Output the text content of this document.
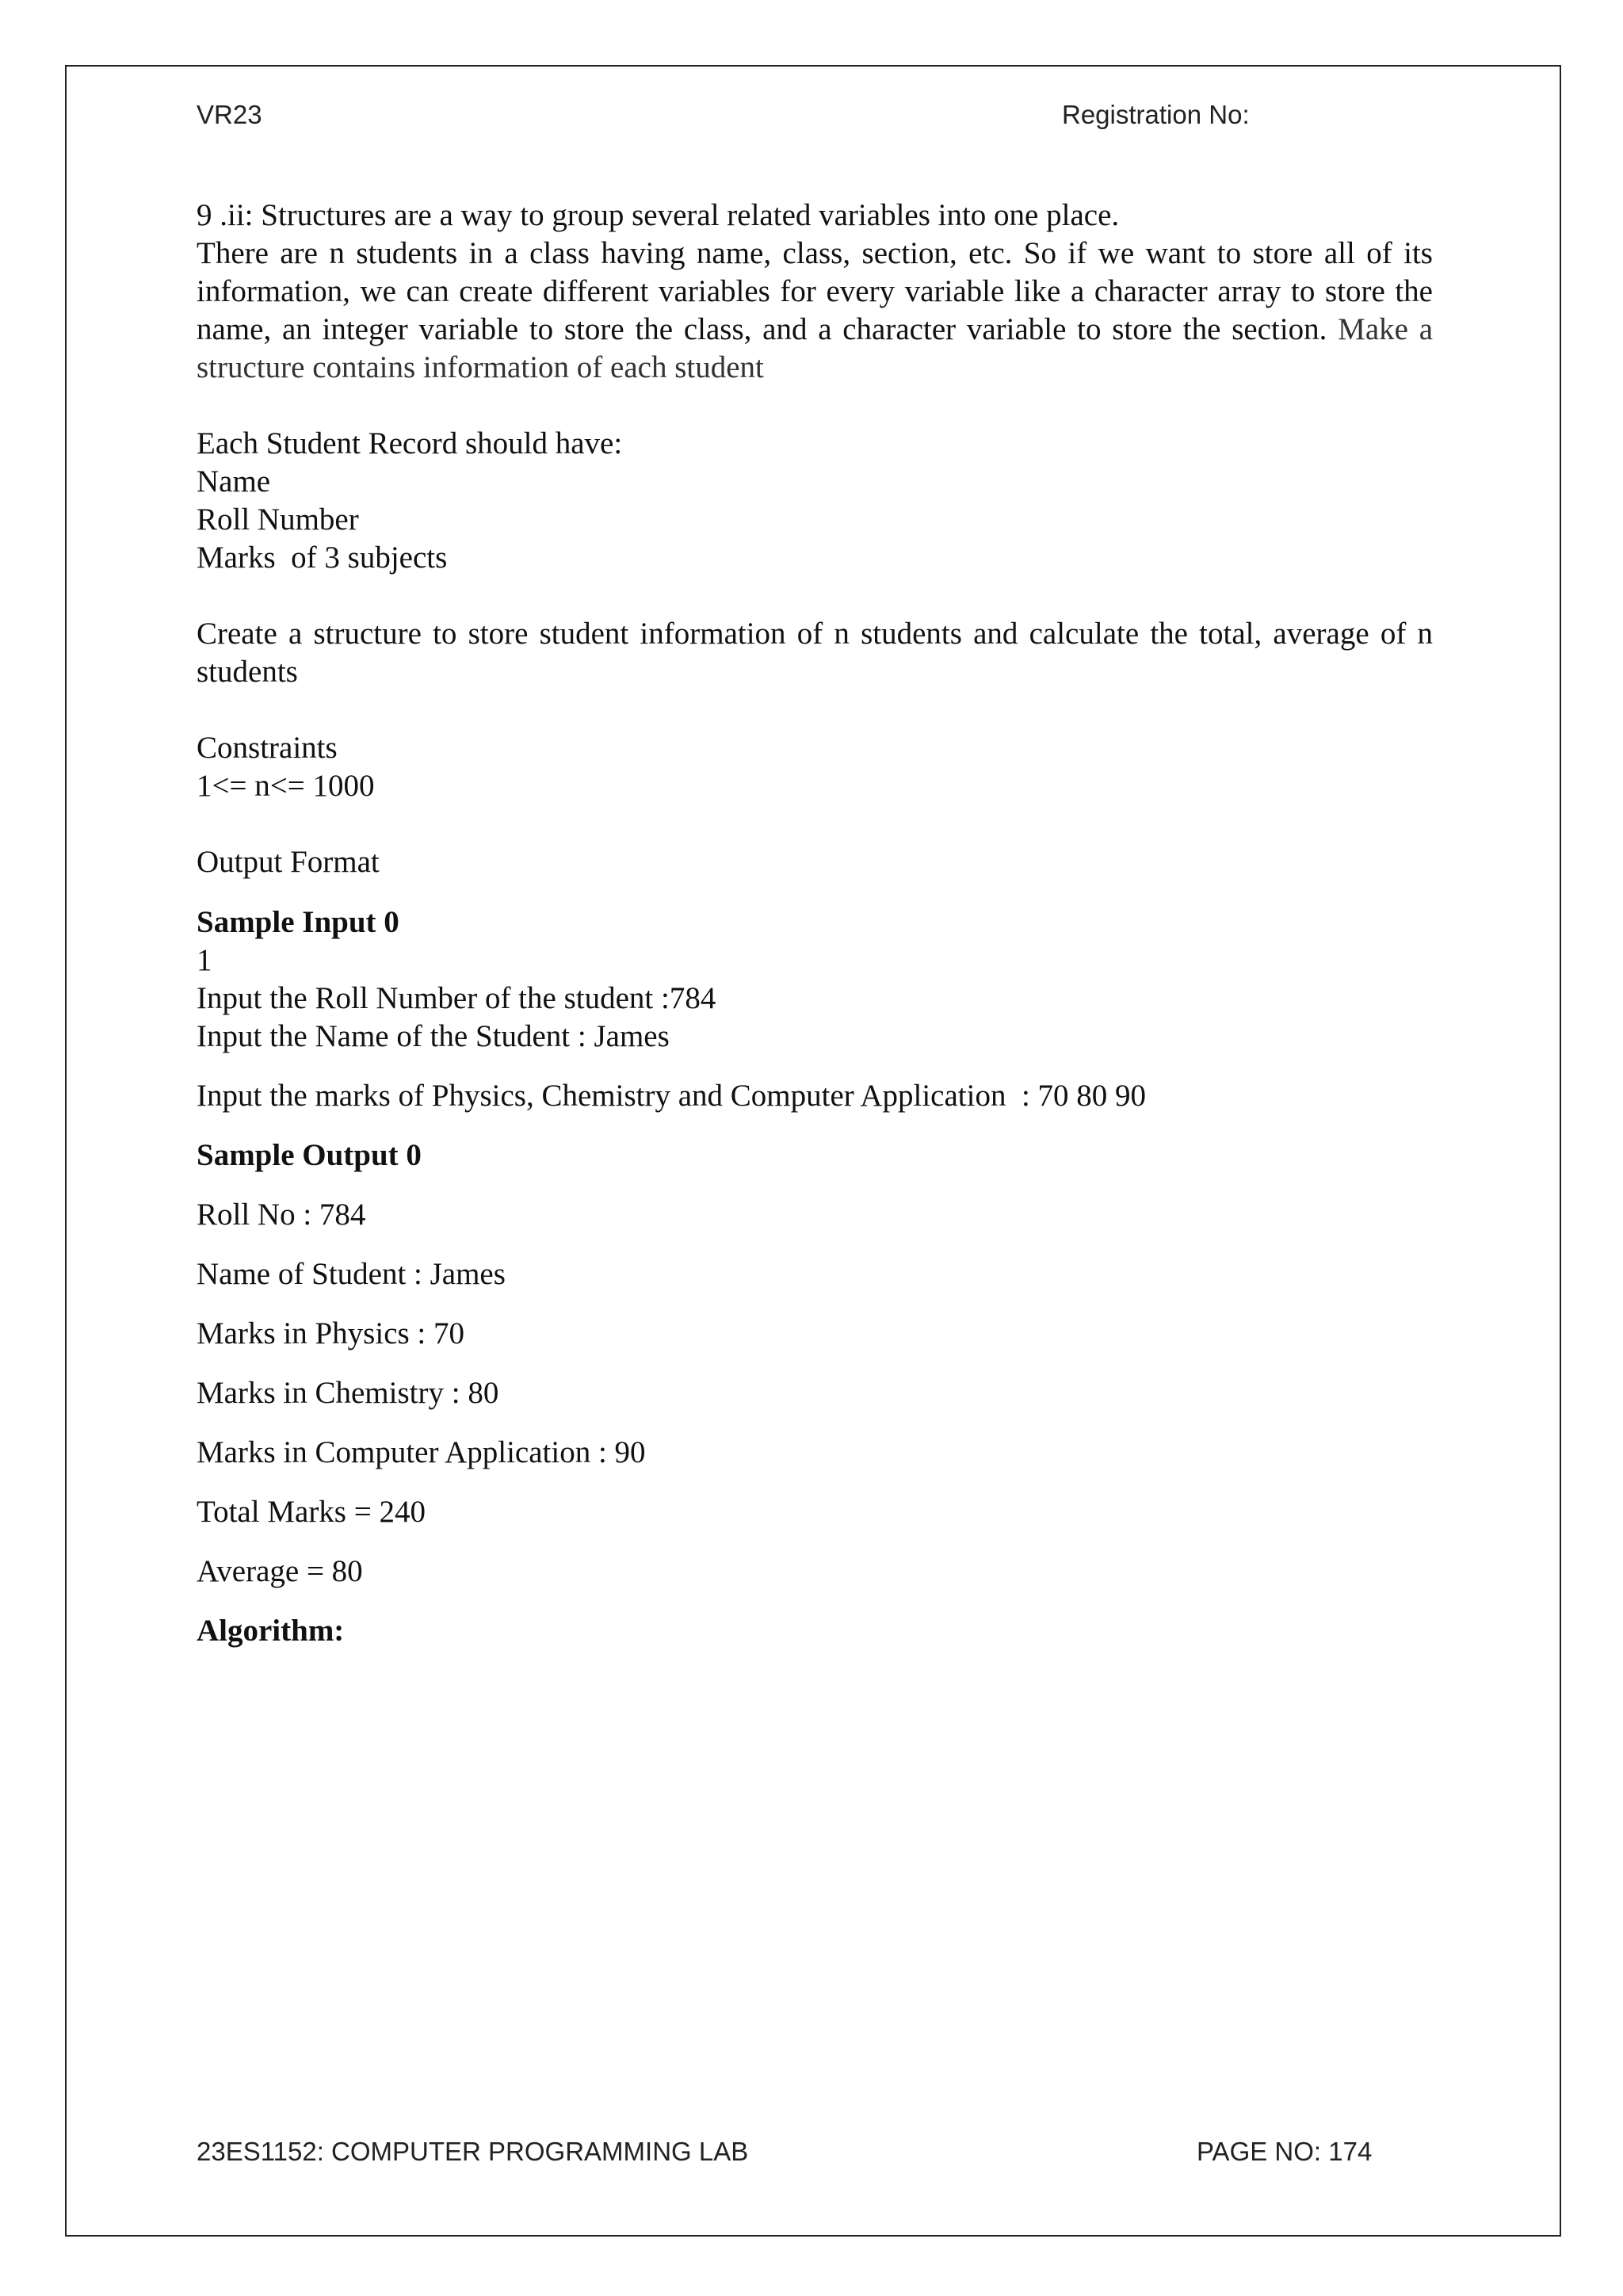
VR23	Registration No:

9 .ii: Structures are a way to group several related variables into one place.

There are n students in a class having name, class, section, etc. So if we want to store all of its information, we can create different variables for every variable like a character array to store the name, an integer variable to store the class, and a character variable to store the section. Make a structure contains information of each student

Each Student Record should have:

Name

Roll Number

Marks  of 3 subjects

Create a structure to store student information of n students and calculate the total, average of n students

Constraints

1<= n<= 1000

Output Format

Sample Input 0

1

Input the Roll Number of the student :784

Input the Name of the Student : James

Input the marks of Physics, Chemistry and Computer Application  : 70 80 90

Sample Output 0

Roll No : 784

Name of Student : James

Marks in Physics : 70

Marks in Chemistry : 80

Marks in Computer Application : 90

Total Marks = 240

Average = 80

Algorithm:

23ES1152: COMPUTER PROGRAMMING LAB	PAGE NO: 174
